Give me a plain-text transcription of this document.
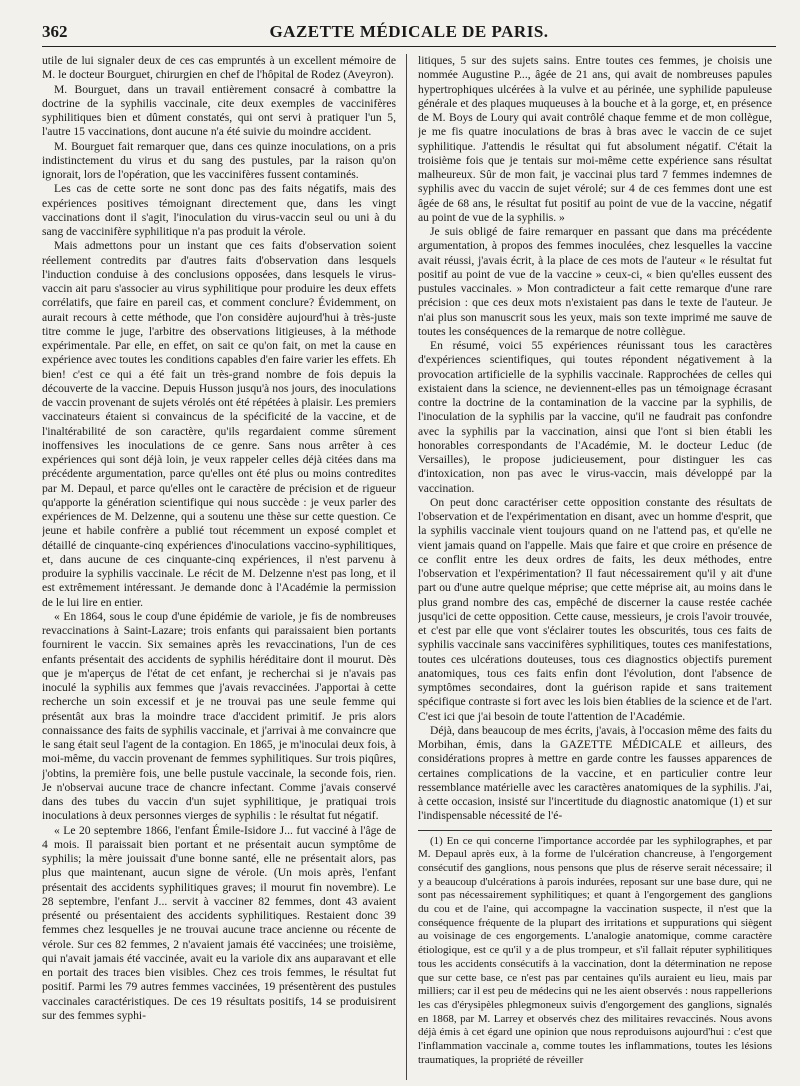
362	GAZETTE MÉDICALE DE PARIS.

utile de lui signaler deux de ces cas empruntés à un excellent mémoire de M. le docteur Bourguet, chirurgien en chef de l'hôpital de Rodez (Aveyron).

M. Bourguet, dans un travail entièrement consacré à combattre la doctrine de la syphilis vaccinale, cite deux exemples de vaccinifères syphilitiques bien et dûment constatés, qui ont servi à pratiquer l'un 5, l'autre 15 vaccinations, dont aucune n'a été suivie du moindre accident.

M. Bourguet fait remarquer que, dans ces quinze inoculations, on a pris indistinctement du virus et du sang des pustules, par la raison qu'on ignorait, lors de l'opération, que les vaccinifères fussent contaminés.

Les cas de cette sorte ne sont donc pas des faits négatifs, mais des expériences positives témoignant directement que, dans les vingt vaccinations dont il s'agit, l'inoculation du virus-vaccin seul ou uni à du sang de vaccinifère syphilitique n'a pas produit la vérole.

Mais admettons pour un instant que ces faits d'observation soient réellement contredits par d'autres faits d'observation dans lesquels l'induction conduise à des conclusions opposées, dans lesquels le virus-vaccin ait paru s'associer au virus syphilitique pour produire les deux effets corrélatifs, que faire en pareil cas, et comment conclure? Évidemment, on aurait recours à cette méthode, que l'on considère aujourd'hui à très-juste titre comme le juge, l'arbitre des observations litigieuses, à la méthode expérimentale. Par elle, en effet, on sait ce qu'on fait, on met la cause en expérience avec toutes les conditions capables d'en faire varier les effets. Eh bien! c'est ce qui a été fait un très-grand nombre de fois depuis la découverte de la vaccine. Depuis Husson jusqu'à nos jours, des inoculations de vaccin provenant de sujets vérolés ont été répétées à plaisir. Les premiers vaccinateurs étaient si convaincus de la spécificité de la vaccine, et de l'inaltérabilité de son caractère, qu'ils regardaient comme sûrement inoffensives les inoculations de ce genre. Sans nous arrêter à ces expériences qui sont déjà loin, je veux rappeler celles déjà citées dans ma précédente argumentation, parce qu'elles ont été plus ou moins contredites par M. Depaul, et parce qu'elles ont le caractère de précision et de rigueur qu'apporte la génération scientifique qui nous succède : je veux parler des expériences de M. Delzenne, qui a soutenu une thèse sur cette question. Ce jeune et habile confrère a publié tout récemment un exposé complet et détaillé de cinquante-cinq expériences d'inoculations vaccino-syphilitiques, et, dans aucune de ces cinquante-cinq expériences, il n'est parvenu à produire la syphilis vaccinale. Le récit de M. Delzenne n'est pas long, et il est extrêmement intéressant. Je demande donc à l'Académie la permission de le lui lire en entier.

« En 1864, sous le coup d'une épidémie de variole, je fis de nombreuses revaccinations à Saint-Lazare; trois enfants qui paraissaient bien portants fournirent le vaccin. Six semaines après les revaccinations, l'un de ces enfants présentait des accidents de syphilis héréditaire dont il mourut. Dès que je m'aperçus de l'état de cet enfant, je recherchai si je n'avais pas inoculé la syphilis aux femmes que j'avais revaccinées. J'apportai à cette recherche un soin excessif et je ne trouvai pas une seule femme qui présentât aux bras la moindre trace d'accident primitif. Je pris alors connaissance des faits de syphilis vaccinale, et j'arrivai à me convaincre que le sang était seul l'agent de la contagion. En 1865, je m'inoculai deux fois, à moi-même, du vaccin provenant de femmes syphilitiques. Sur trois piqûres, j'obtins, la première fois, une belle pustule vaccinale, la seconde fois, rien. Je n'observai aucune trace de chancre infectant. Comme j'avais conservé dans des tubes du vaccin d'un sujet syphilitique, je pratiquai trois inoculations à deux personnes vierges de syphilis : le résultat fut négatif.

« Le 20 septembre 1866, l'enfant Émile-Isidore J... fut vacciné à l'âge de 4 mois. Il paraissait bien portant et ne présentait aucun symptôme de syphilis; la mère jouissait d'une bonne santé, elle ne présentait alors, pas plus que maintenant, aucun signe de vérole. (Un mois après, l'enfant présentait des accidents syphilitiques graves; il mourut fin novembre). Le 28 septembre, l'enfant J... servit à vacciner 82 femmes, dont 43 avaient présenté ou présentaient des accidents syphilitiques. Restaient donc 39 femmes chez lesquelles je ne trouvai aucune trace ancienne ou récente de vérole. Sur ces 82 femmes, 2 n'avaient jamais été vaccinées; une troisième, qui n'avait jamais été vaccinée, avait eu la variole dix ans auparavant et elle en portait des traces bien visibles. Chez ces trois femmes, le résultat fut positif. Parmi les 79 autres femmes vaccinées, 19 présentèrent des pustules vaccinales caractéristiques. De ces 19 résultats positifs, 14 se produisirent sur des femmes syphi-

litiques, 5 sur des sujets sains. Entre toutes ces femmes, je choisis une nommée Augustine P..., âgée de 21 ans, qui avait de nombreuses papules hypertrophiques ulcérées à la vulve et au périnée, une syphilide papuleuse générale et des plaques muqueuses à la bouche et à la gorge, et, en présence de M. Boys de Loury qui avait contrôlé chaque femme et de mon collègue, je me fis quatre inoculations de bras à bras avec le vaccin de ce sujet syphilitique. J'attendis le résultat qui fut absolument négatif. C'était la troisième fois que je tentais sur moi-même cette expérience sans résultat malheureux. Sûr de mon fait, je vaccinai plus tard 7 femmes indemnes de syphilis avec du vaccin de sujet vérolé; sur 4 de ces femmes dont une est âgée de 68 ans, le résultat fut positif au point de vue de la vaccine, négatif au point de vue de la syphilis. »

Je suis obligé de faire remarquer en passant que dans ma précédente argumentation, à propos des femmes inoculées, chez lesquelles la vaccine avait réussi, j'avais écrit, à la place de ces mots de l'auteur « le résultat fut positif au point de vue de la vaccine » ceux-ci, « bien qu'elles eussent des pustules vaccinales. » Mon contradicteur a fait cette remarque d'une rare précision : que ces deux mots n'existaient pas dans le texte de l'auteur. Je n'ai plus son manuscrit sous les yeux, mais son texte imprimé me sauve de toutes les conséquences de la remarque de notre collègue.

En résumé, voici 55 expériences réunissant tous les caractères d'expériences scientifiques, qui toutes répondent négativement à la provocation artificielle de la syphilis vaccinale. Rapprochées de celles qui existaient dans la science, ne deviennent-elles pas un témoignage écrasant contre la doctrine de la contamination de la vaccine par la syphilis, de l'inoculation de la syphilis par la vaccine, qu'il ne faudrait pas confondre avec la syphilis par la vaccination, ainsi que l'ont si bien établi les honorables correspondants de l'Académie, M. le docteur Leduc (de Versailles), le propose judicieusement, pour distinguer les cas d'intoxication, non pas avec le virus-vaccin, mais développé par la vaccination.

On peut donc caractériser cette opposition constante des résultats de l'observation et de l'expérimentation en disant, avec un homme d'esprit, que la syphilis vaccinale vient toujours quand on ne l'attend pas, et qu'elle ne vient jamais quand on l'appelle. Mais que faire et que croire en présence de ce conflit entre les deux ordres de faits, les deux méthodes, entre l'observation et l'expérimentation? Il faut nécessairement qu'il y ait d'une part ou d'une autre quelque méprise; que cette méprise ait, au moins dans le plus grand nombre des cas, empêché de discerner la cause restée cachée jusqu'ici de cette opposition. Cette cause, messieurs, je crois l'avoir trouvée, et c'est par elle que vont s'éclairer toutes les obscurités, tous ces faits de syphilis vaccinale sans vaccinifères syphilitiques, toutes ces manifestations, toutes ces ulcérations douteuses, tous ces diagnostics objectifs purement anatomiques, tous ces faits enfin dont l'évolution, dont l'absence de symptômes secondaires, dont la guérison rapide et sans traitement spécifique contraste si fort avec les lois bien établies de la science et de l'art. C'est ici que j'ai besoin de toute l'attention de l'Académie.

Déjà, dans beaucoup de mes écrits, j'avais, à l'occasion même des faits du Morbihan, émis, dans la GAZETTE MÉDICALE et ailleurs, des considérations propres à mettre en garde contre les fausses apparences de certaines complications de la vaccine, et en particulier contre leur ressemblance matérielle avec les caractères anatomiques de la syphilis. J'ai, à cette occasion, insisté sur l'incertitude du diagnostic anatomique (1) et sur l'indispensable nécessité de l'é-

(1) En ce qui concerne l'importance accordée par les syphilographes, et par M. Depaul après eux, à la forme de l'ulcération chancreuse, à l'engorgement consécutif des ganglions, nous pensons que plus de réserve serait nécessaire; il y a beaucoup d'ulcérations à parois indurées, reposant sur une base dure, qui ne sont pas nécessairement syphilitiques; et quant à l'engorgement des ganglions du cou et de l'aine, qui accompagne la vaccination suspecte, il n'est que la conséquence fréquente de la plupart des irritations et suppurations qui siègent au voisinage de ces engorgements. L'analogie anatomique, comme caractère étiologique, est ce qu'il y a de plus trompeur, et s'il fallait réputer syphilitiques tous les accidents consécutifs à la vaccination, dont la détermination ne repose que sur cette base, ce n'est pas par centaines qu'ils auraient eu lieu, mais par milliers; car il est peu de médecins qui ne les aient observés : nous rappellerions les cas d'érysipèles phlegmoneux suivis d'engorgement des ganglions, signalés en 1868, par M. Larrey et observés chez des militaires revaccinés. Nous avons déjà émis à cet égard une opinion que nous reproduisons aujourd'hui : c'est que l'inflammation vaccinale a, comme toutes les inflammations, toutes les lésions traumatiques, la propriété de réveiller
